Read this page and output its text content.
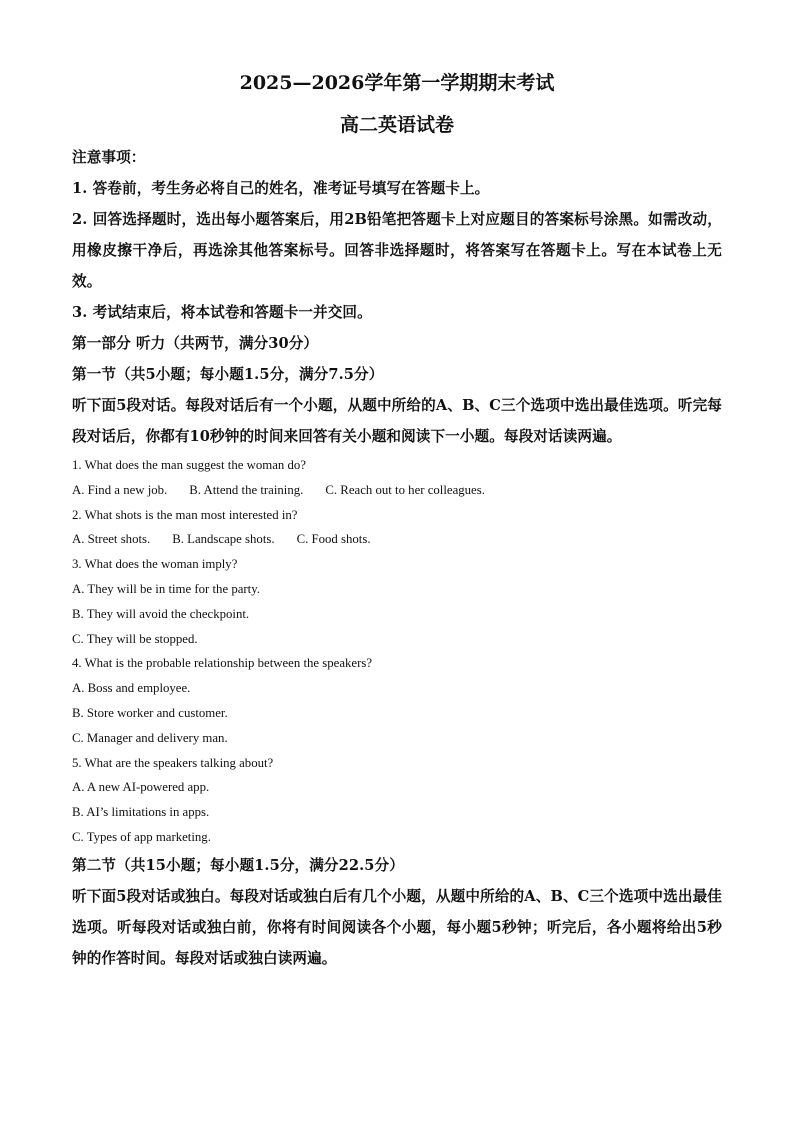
2025—2026学年第一学期期末考试
高二英语试卷

注意事项：

1. 答卷前，考生务必将自己的姓名，准考证号填写在答题卡上。

2. 回答选择题时，选出每小题答案后，用2B铅笔把答题卡上对应题目的答案标号涂黑。如需改动，用橡皮擦干净后，再选涂其他答案标号。回答非选择题时，将答案写在答题卡上。写在本试卷上无效。

3. 考试结束后，将本试卷和答题卡一并交回。

第一部分 听力（共两节，满分30分）

第一节（共5小题；每小题1.5分，满分7.5分）

听下面5段对话。每段对话后有一个小题，从题中所给的A、B、C三个选项中选出最佳选项。听完每段对话后，你都有10秒钟的时间来回答有关小题和阅读下一小题。每段对话读两遍。

1. What does the man suggest the woman do?

A. Find a new job. B. Attend the training. C. Reach out to her colleagues.

2. What shots is the man most interested in?

A. Street shots. B. Landscape shots. C. Food shots.

3. What does the woman imply?

A. They will be in time for the party.

B. They will avoid the checkpoint.

C. They will be stopped.

4. What is the probable relationship between the speakers?

A. Boss and employee.

B. Store worker and customer.

C. Manager and delivery man.

5. What are the speakers talking about?

A. A new AI-powered app.

B. AI’s limitations in apps.

C. Types of app marketing.

第二节（共15小题；每小题1.5分，满分22.5分）

听下面5段对话或独白。每段对话或独白后有几个小题，从题中所给的A、B、C三个选项中选出最佳选项。听每段对话或独白前，你将有时间阅读各个小题，每小题5秒钟；听完后，各小题将给出5秒钟的作答时间。每段对话或独白读两遍。
